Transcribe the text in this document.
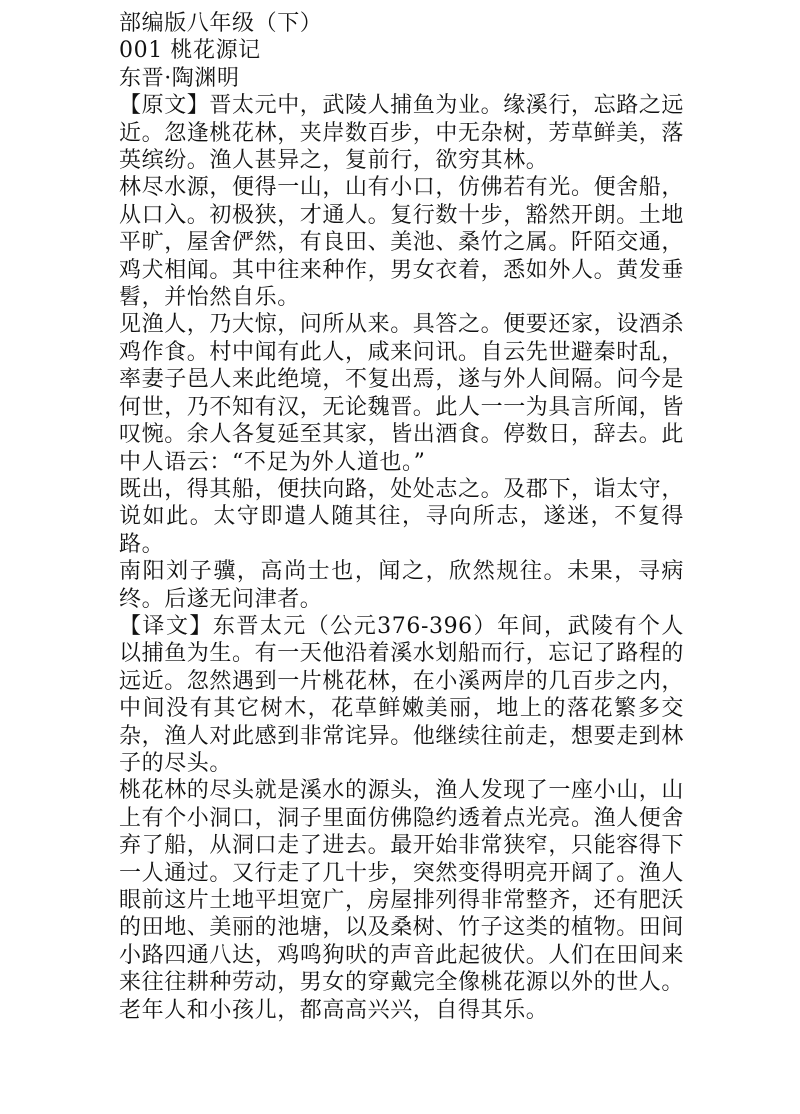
部编版八年级（下）
001 桃花源记
东晋·陶渊明
【原文】晋太元中，武陵人捕鱼为业。缘溪行，忘路之远近。忽逢桃花林，夹岸数百步，中无杂树，芳草鲜美，落英缤纷。渔人甚异之，复前行，欲穷其林。
林尽水源，便得一山，山有小口，仿佛若有光。便舍船，从口入。初极狭，才通人。复行数十步，豁然开朗。土地平旷，屋舍俨然，有良田、美池、桑竹之属。阡陌交通，鸡犬相闻。其中往来种作，男女衣着，悉如外人。黄发垂髫，并怡然自乐。
见渔人，乃大惊，问所从来。具答之。便要还家，设酒杀鸡作食。村中闻有此人，咸来问讯。自云先世避秦时乱，率妻子邑人来此绝境，不复出焉，遂与外人间隔。问今是何世，乃不知有汉，无论魏晋。此人一一为具言所闻，皆叹惋。余人各复延至其家，皆出酒食。停数日，辞去。此中人语云：“不足为外人道也。”
既出，得其船，便扶向路，处处志之。及郡下，诣太守，说如此。太守即遣人随其往，寻向所志，遂迷，不复得路。
南阳刘子骥，高尚士也，闻之，欣然规往。未果，寻病终。后遂无问津者。
【译文】东晋太元（公元376-396）年间，武陵有个人以捕鱼为生。有一天他沿着溪水划船而行，忘记了路程的远近。忽然遇到一片桃花林，在小溪两岸的几百步之内，中间没有其它树木，花草鲜嫩美丽，地上的落花繁多交杂，渔人对此感到非常诧异。他继续往前走，想要走到林子的尽头。
桃花林的尽头就是溪水的源头，渔人发现了一座小山，山上有个小洞口，洞子里面仿佛隐约透着点光亮。渔人便舍弃了船，从洞口走了进去。最开始非常狭窄，只能容得下一人通过。又行走了几十步，突然变得明亮开阔了。渔人眼前这片土地平坦宽广，房屋排列得非常整齐，还有肥沃的田地、美丽的池塘，以及桑树、竹子这类的植物。田间小路四通八达，鸡鸣狗吠的声音此起彼伏。人们在田间来来往往耕种劳动，男女的穿戴完全像桃花源以外的世人。老年人和小孩儿，都高高兴兴，自得其乐。
